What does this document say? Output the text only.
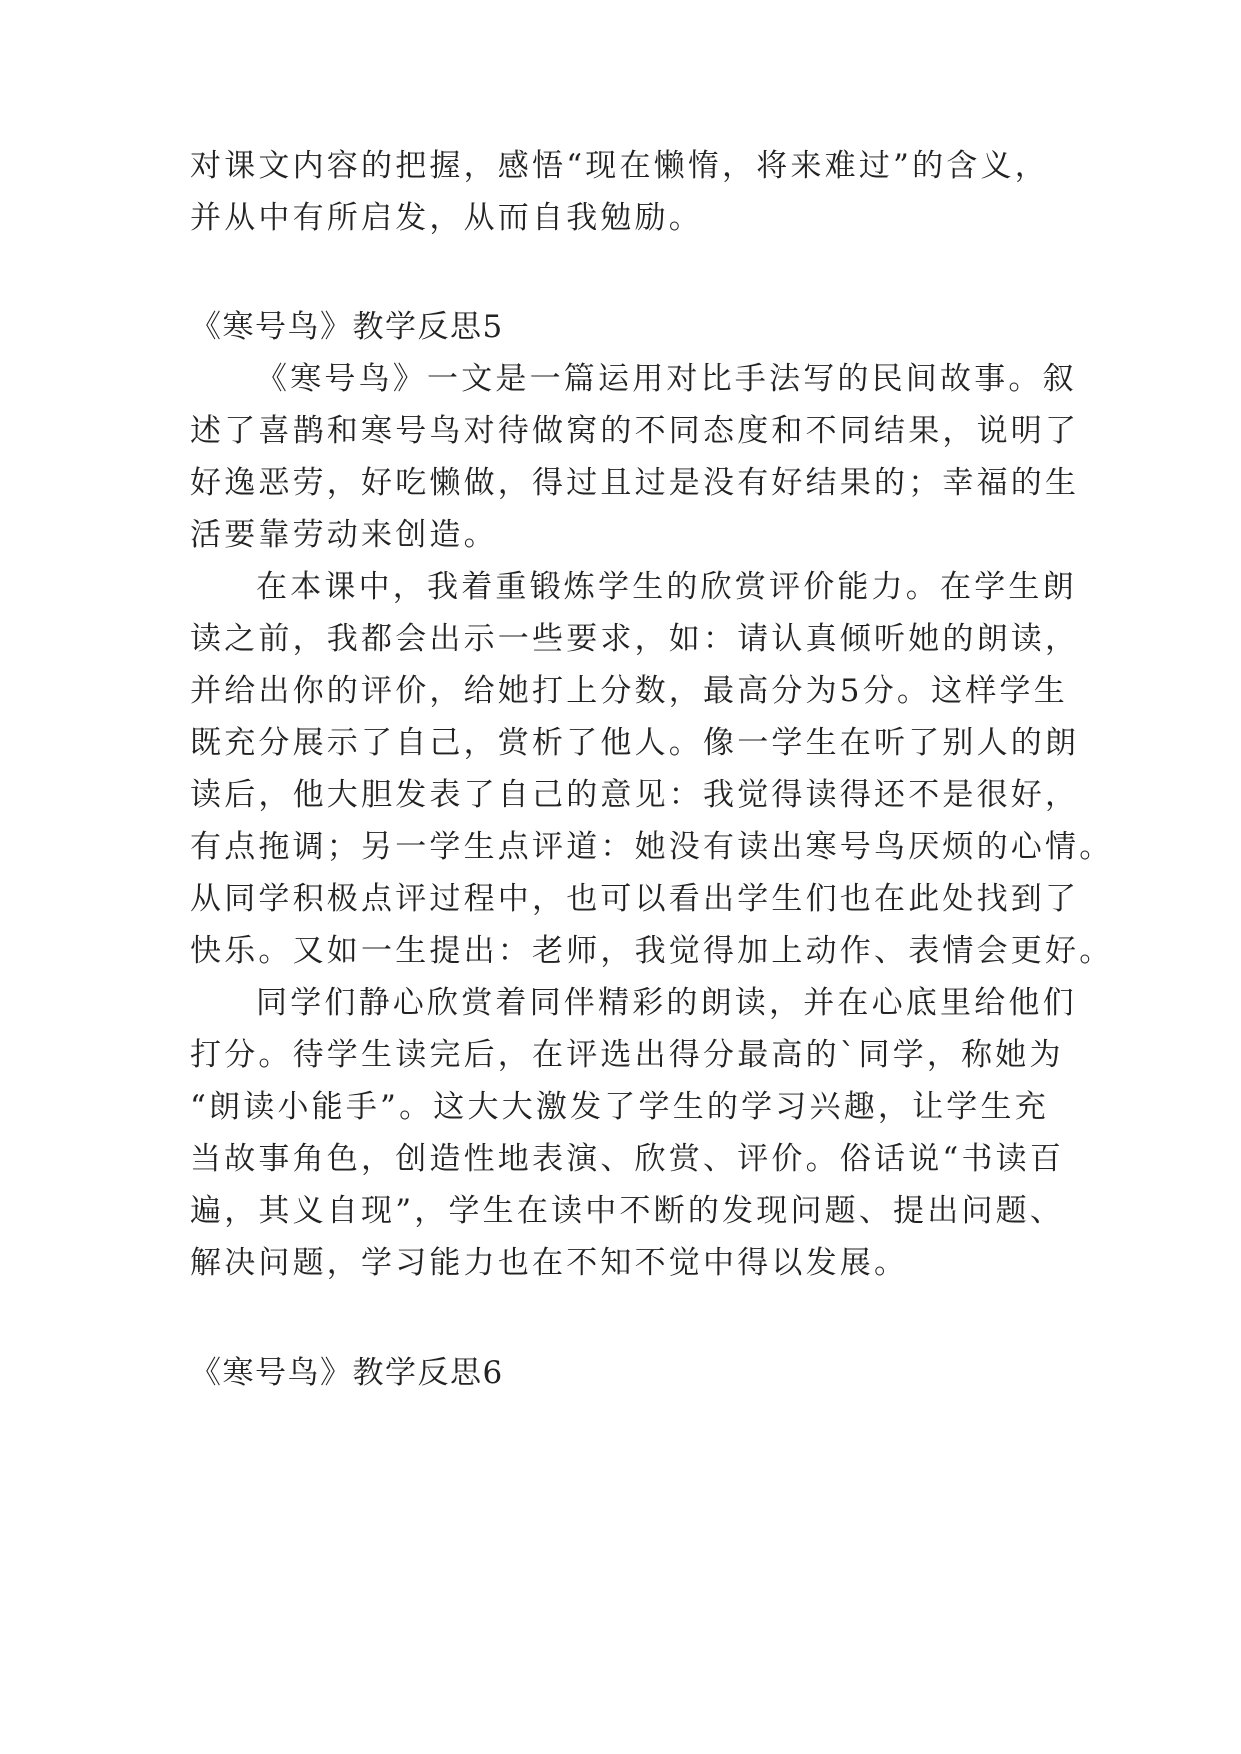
对课文内容的把握，感悟“现在懒惰，将来难过”的含义，
并从中有所启发，从而自我勉励。
《寒号鸟》教学反思5
《寒号鸟》一文是一篇运用对比手法写的民间故事。叙
述了喜鹊和寒号鸟对待做窝的不同态度和不同结果，说明了
好逸恶劳，好吃懒做，得过且过是没有好结果的；幸福的生
活要靠劳动来创造。
在本课中，我着重锻炼学生的欣赏评价能力。在学生朗
读之前，我都会出示一些要求，如：请认真倾听她的朗读，
并给出你的评价，给她打上分数，最高分为5分。这样学生
既充分展示了自己，赏析了他人。像一学生在听了别人的朗
读后，他大胆发表了自己的意见：我觉得读得还不是很好，
有点拖调；另一学生点评道：她没有读出寒号鸟厌烦的心情。
从同学积极点评过程中，也可以看出学生们也在此处找到了
快乐。又如一生提出：老师，我觉得加上动作、表情会更好。
同学们静心欣赏着同伴精彩的朗读，并在心底里给他们
打分。待学生读完后，在评选出得分最高的`同学，称她为
“朗读小能手”。这大大激发了学生的学习兴趣，让学生充
当故事角色，创造性地表演、欣赏、评价。俗话说“书读百
遍，其义自现”，学生在读中不断的发现问题、提出问题、
解决问题，学习能力也在不知不觉中得以发展。
《寒号鸟》教学反思6
